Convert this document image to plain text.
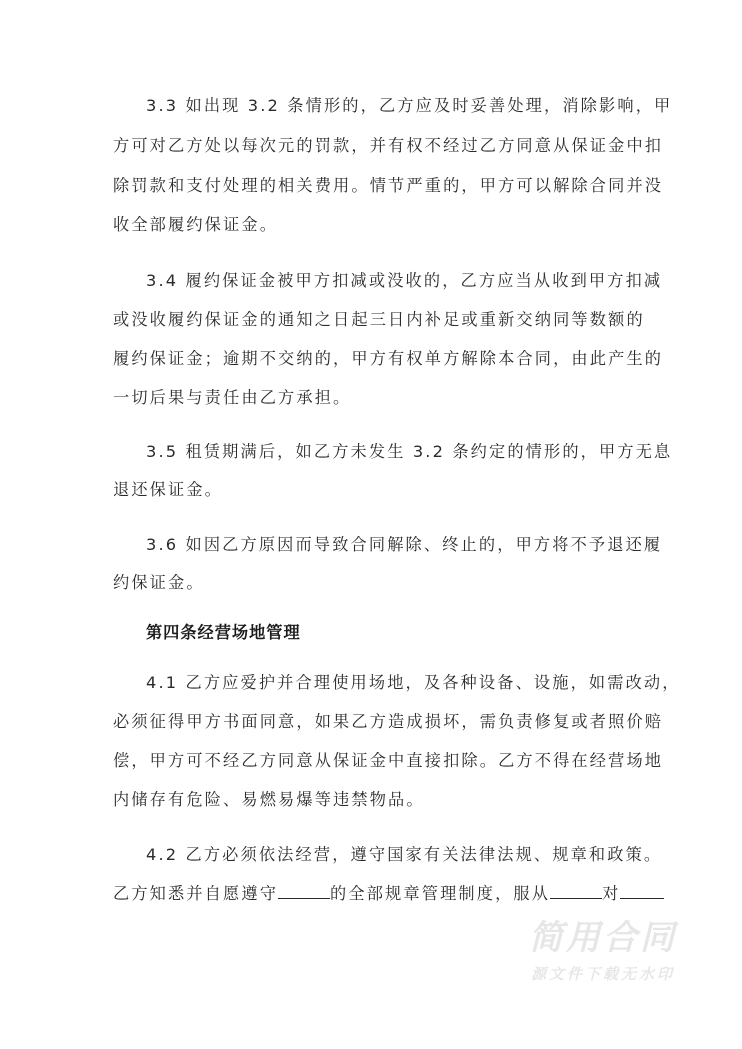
3.3 如出现 3.2 条情形的，乙方应及时妥善处理，消除影响，甲
方可对乙方处以每次元的罚款，并有权不经过乙方同意从保证金中扣
除罚款和支付处理的相关费用。情节严重的，甲方可以解除合同并没
收全部履约保证金。
3.4 履约保证金被甲方扣减或没收的，乙方应当从收到甲方扣减
或没收履约保证金的通知之日起三日内补足或重新交纳同等数额的
履约保证金；逾期不交纳的，甲方有权单方解除本合同，由此产生的
一切后果与责任由乙方承担。
3.5 租赁期满后，如乙方未发生 3.2 条约定的情形的，甲方无息
退还保证金。
3.6 如因乙方原因而导致合同解除、终止的，甲方将不予退还履
约保证金。
第四条经营场地管理
4.1 乙方应爱护并合理使用场地，及各种设备、设施，如需改动，
必须征得甲方书面同意，如果乙方造成损坏，需负责修复或者照价赔
偿，甲方可不经乙方同意从保证金中直接扣除。乙方不得在经营场地
内储存有危险、易燃易爆等违禁物品。
4.2 乙方必须依法经营，遵守国家有关法律法规、规章和政策。
乙方知悉并自愿遵守	的全部规章管理制度，服从	对
简用合同
源文件下载无水印
